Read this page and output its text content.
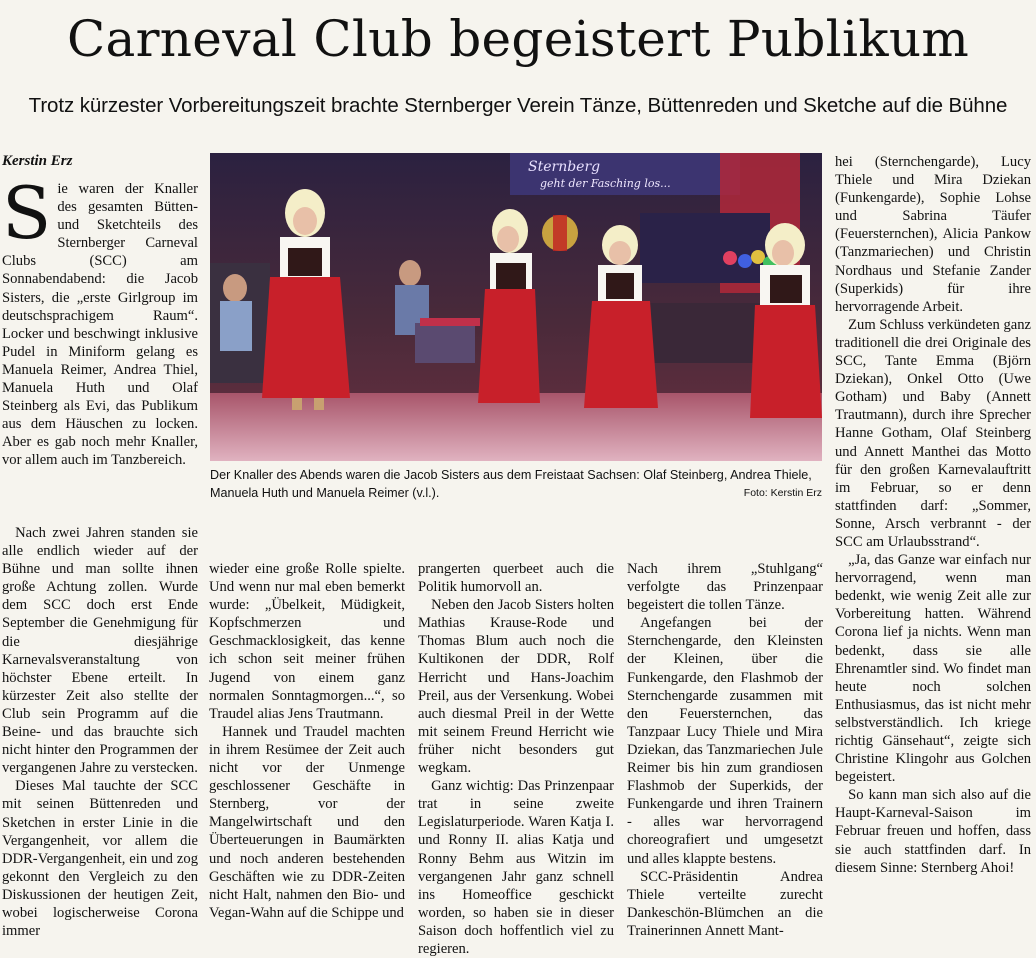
Carneval Club begeistert Publikum

Trotz kürzester Vorbereitungszeit brachte Sternberger Verein Tänze, Büttenreden und Sketche auf die Bühne

Kerstin Erz

Sie waren der Knaller des gesamten Bütten- und Sketchteils des Sternberger Carneval Clubs (SCC) am Sonnabendabend: die Jacob Sisters, die „erste Girlgroup im deutschsprachigem Raum“. Locker und beschwingt inklusive Pudel in Miniform gelang es Manuela Reimer, Andrea Thiel, Manuela Huth und Olaf Steinberg als Evi, das Publikum aus dem Häuschen zu locken. Aber es gab noch mehr Knaller, vor allem auch im Tanzbereich.

Nach zwei Jahren standen sie alle endlich wieder auf der Bühne und man sollte ihnen große Achtung zollen. Wurde dem SCC doch erst Ende September die Genehmigung für die diesjährige Karnevalsveranstaltung von höchster Ebene erteilt. In kürzester Zeit also stellte der Club sein Programm auf die Beine- und das brauchte sich nicht hinter den Programmen der vergangenen Jahre zu verstecken.

Dieses Mal tauchte der SCC mit seinen Büttenreden und Sketchen in erster Linie in die Vergangenheit, vor allem die DDR-Vergangenheit, ein und zog gekonnt den Vergleich zu den Diskussionen der heutigen Zeit, wobei logischerweise Corona immer

Sternberg
geht der Fasching los...
Der Knaller des Abends waren die Jacob Sisters aus dem Freistaat Sachsen: Olaf Steinberg, Andrea Thiele, Manuela Huth und Manuela Reimer (v.l.).	Foto: Kerstin Erz

wieder eine große Rolle spielte. Und wenn nur mal eben bemerkt wurde: „Übelkeit, Müdigkeit, Kopfschmerzen und Geschmacklosigkeit, das kenne ich schon seit meiner frühen Jugend von einem ganz normalen Sonntagmorgen...“, so Traudel alias Jens Trautmann.

Hannek und Traudel machten in ihrem Resümee der Zeit auch nicht vor der Unmenge geschlossener Geschäfte in Sternberg, vor der Mangelwirtschaft und den Überteuerungen in Baumärkten und noch anderen bestehenden Geschäften wie zu DDR-Zeiten nicht Halt, nahmen den Bio- und Vegan-Wahn auf die Schippe und

prangerten querbeet auch die Politik humorvoll an.

Neben den Jacob Sisters holten Mathias Krause-Rode und Thomas Blum auch noch die Kultikonen der DDR, Rolf Herricht und Hans-Joachim Preil, aus der Versenkung. Wobei auch diesmal Preil in der Wette mit seinem Freund Herricht wie früher nicht besonders gut wegkam.

Ganz wichtig: Das Prinzenpaar trat in seine zweite Legislaturperiode. Waren Katja I. und Ronny II. alias Katja und Ronny Behm aus Witzin im vergangenen Jahr ganz schnell ins Homeoffice geschickt worden, so haben sie in dieser Saison doch hoffentlich viel zu regieren.

Nach ihrem „Stuhlgang“ verfolgte das Prinzenpaar begeistert die tollen Tänze.

Angefangen bei der Sternchengarde, den Kleinsten der Kleinen, über die Funkengarde, den Flashmob der Sternchengarde zusammen mit den Feuersternchen, das Tanzpaar Lucy Thiele und Mira Dziekan, das Tanzmariechen Jule Reimer bis hin zum grandiosen Flashmob der Superkids, der Funkengarde und ihren Trainern - alles war hervorragend choreografiert und umgesetzt und alles klappte bestens.

SCC-Präsidentin Andrea Thiele verteilte zurecht Dankeschön-Blümchen an die Trainerinnen Annett Mant-

hei (Sternchengarde), Lucy Thiele und Mira Dziekan (Funkengarde), Sophie Lohse und Sabrina Täufer (Feuersternchen), Alicia Pankow (Tanzmariechen) und Christin Nordhaus und Stefanie Zander (Superkids) für ihre hervorragende Arbeit.

Zum Schluss verkündeten ganz traditionell die drei Originale des SCC, Tante Emma (Björn Dziekan), Onkel Otto (Uwe Gotham) und Baby (Annett Trautmann), durch ihre Sprecher Hanne Gotham, Olaf Steinberg und Annett Manthei das Motto für den großen Karnevalauftritt im Februar, so er denn stattfinden darf: „Sommer, Sonne, Arsch verbrannt - der SCC am Urlaubsstrand“.

„Ja, das Ganze war einfach nur hervorragend, wenn man bedenkt, wie wenig Zeit alle zur Vorbereitung hatten. Während Corona lief ja nichts. Wenn man bedenkt, dass sie alle Ehrenamtler sind. Wo findet man heute noch solchen Enthusiasmus, das ist nicht mehr selbstverständlich. Ich kriege richtig Gänsehaut“, zeigte sich Christine Klingohr aus Golchen begeistert.

So kann man sich also auf die Haupt-Karneval-Saison im Februar freuen und hoffen, dass sie auch stattfinden darf. In diesem Sinne: Sternberg Ahoi!
